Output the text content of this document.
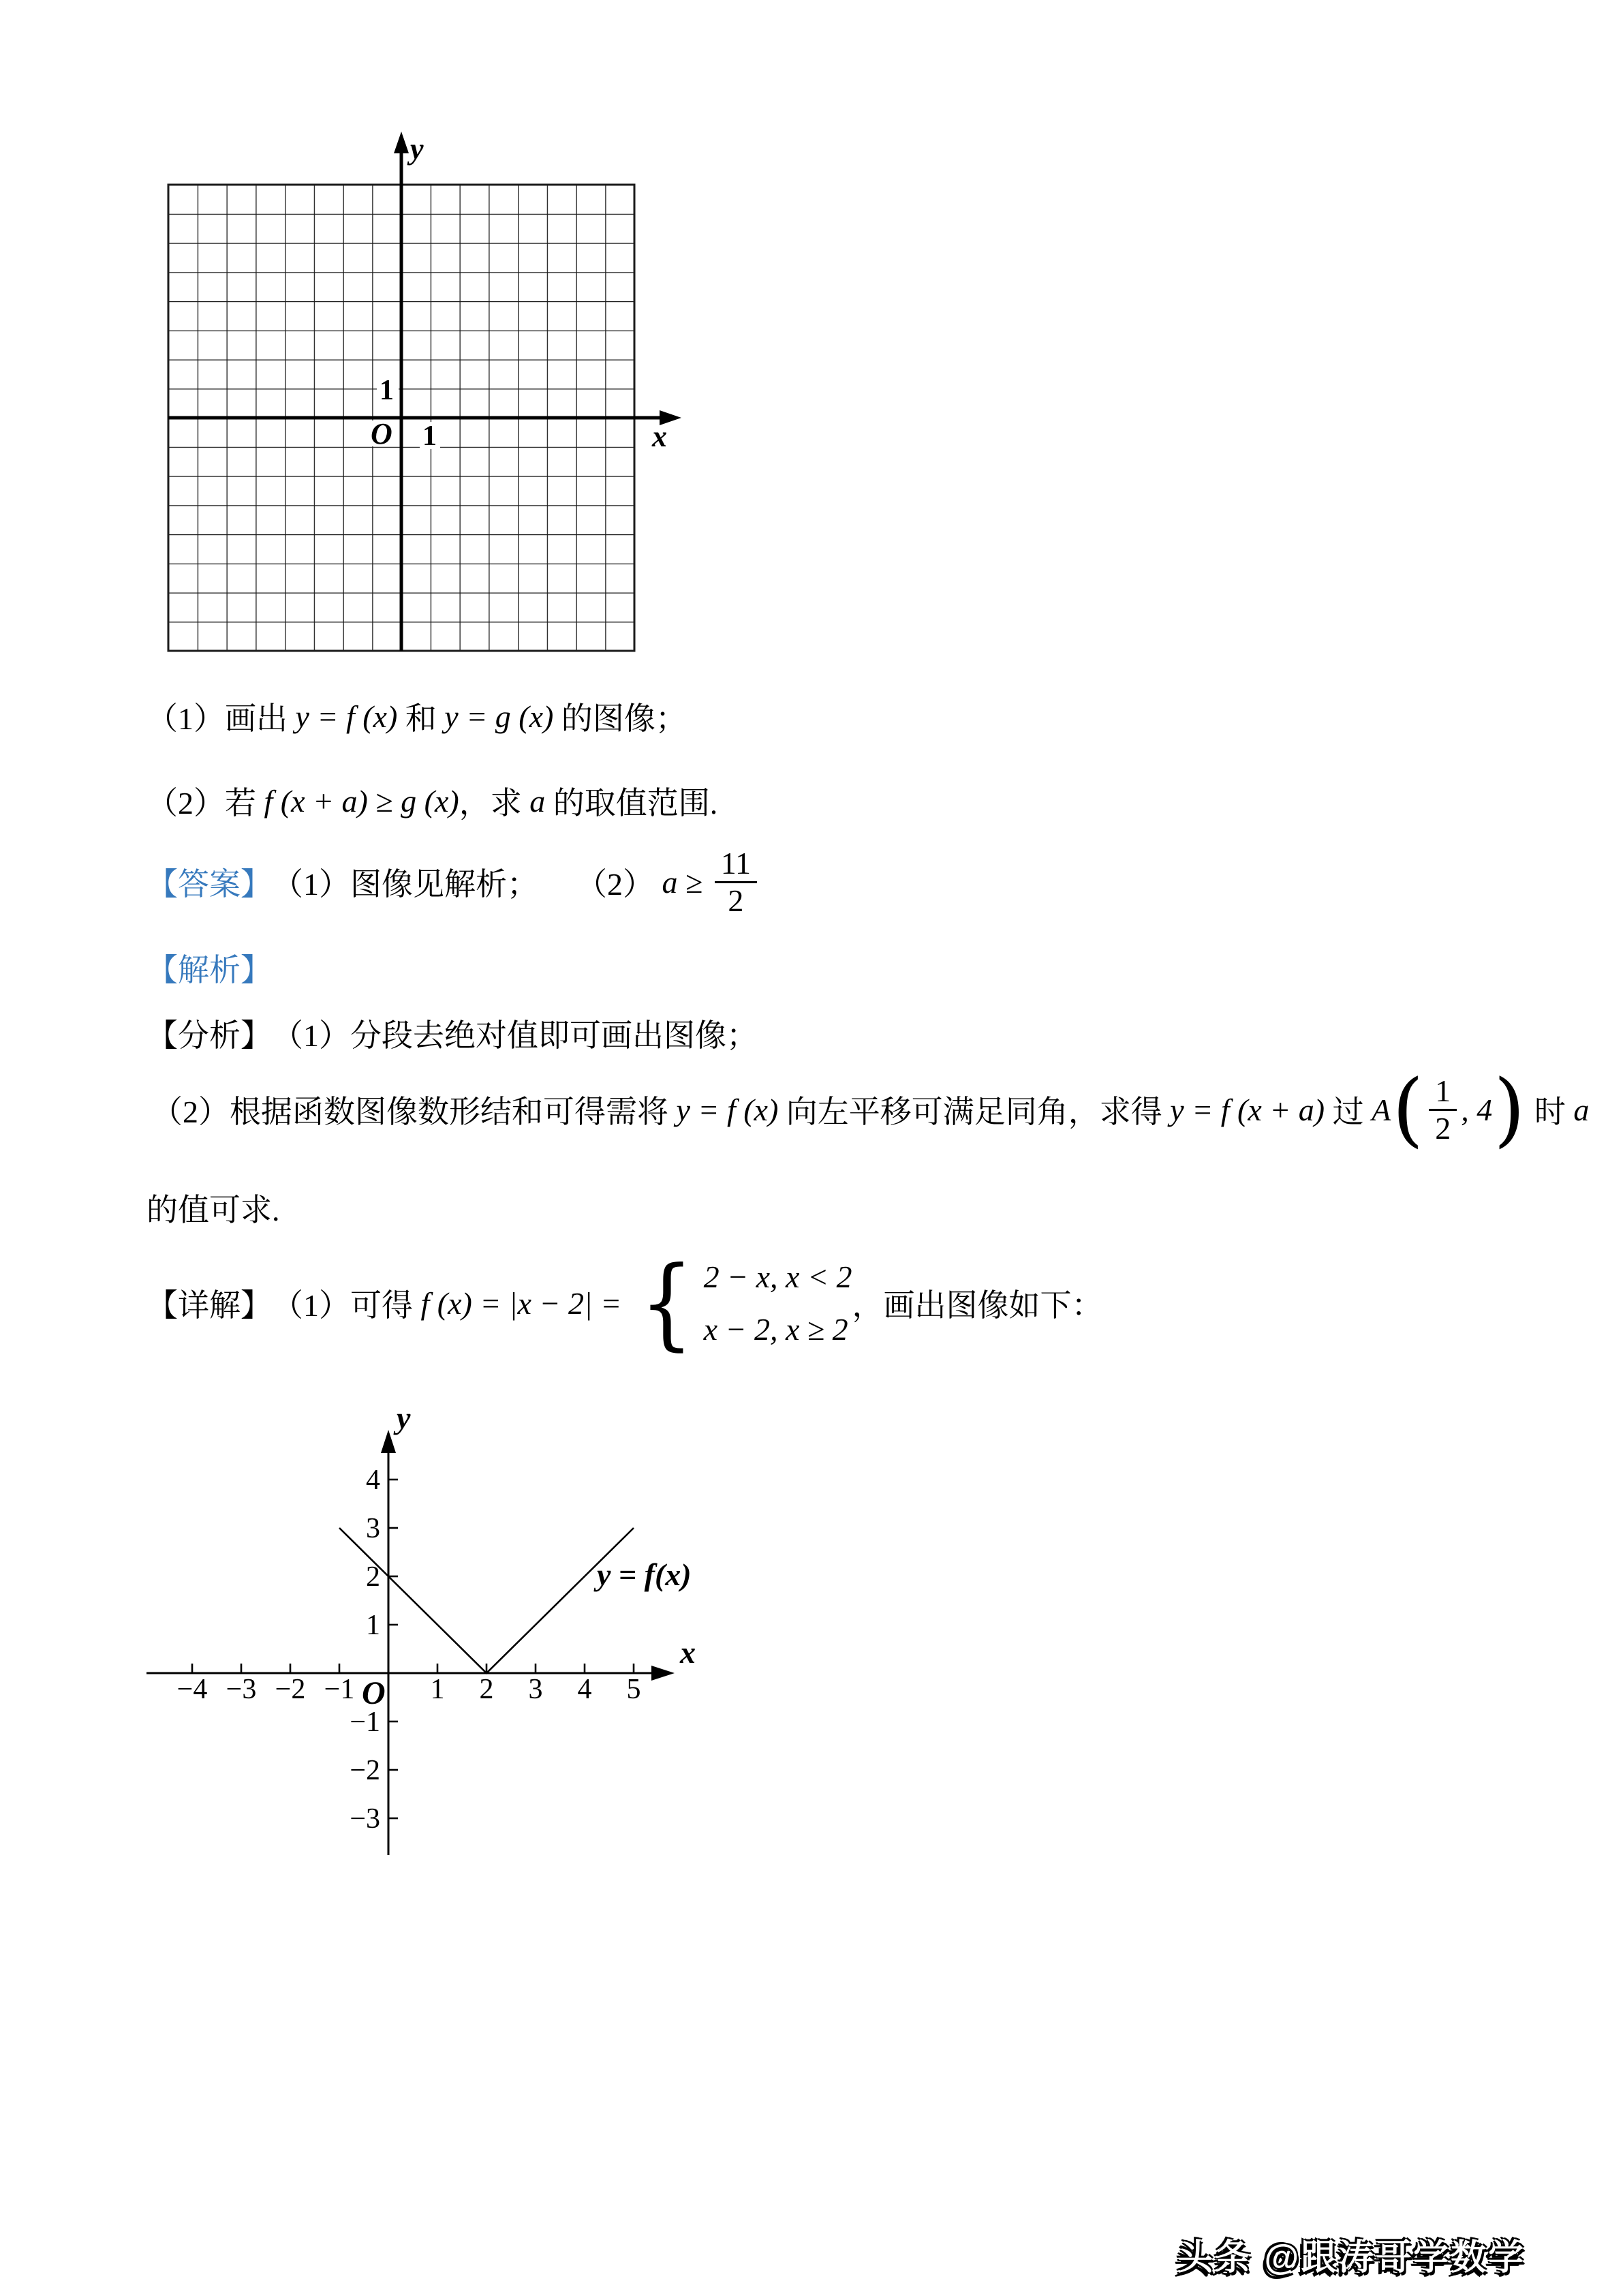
y
x
O
1
1
（1）画出 y = f (x) 和 y = g (x) 的图像；
（2）若 f (x + a) ≥ g (x) ，求 a 的取值范围.
【答案】 （1）图像见解析； （2） $a \ge \frac{11}{2}$
【解析】
【分析】 （1）分段去绝对值即可画出图像；
（2）根据函数图像数形结和可得需将 y = f (x) 向左平移可满足同角，求得 y = f (x + a) 过 A ( $\frac{1}{2}$ , 4 ) 时 a
的值可求.
【详解】 （1）可得 f (x) = |x − 2| = { 2 − x, x < 2
x − 2, x ≥ 2
，画出图像如下：
−4 −3 −2 −1	1 2 3 4 5
4
3
2
1
−1
−2
−3
O
y
x
y = f(x)
头条 @跟涛哥学数学
